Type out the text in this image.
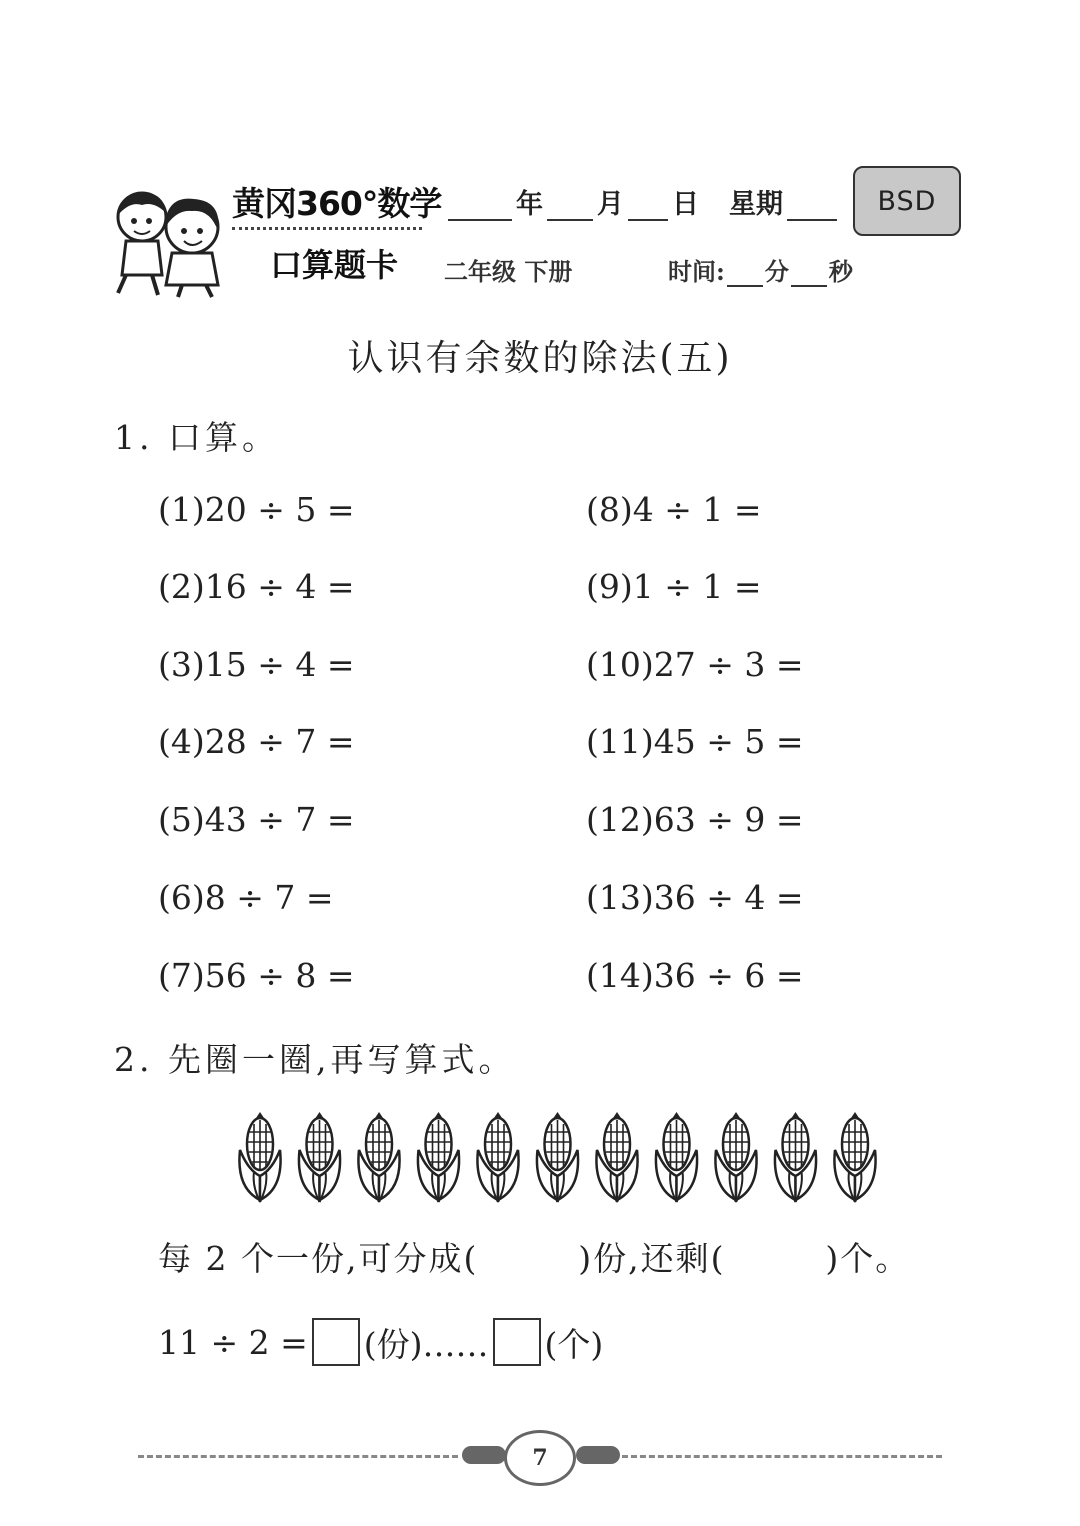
黄冈360°数学
口算题卡
年 月 日 星期	BSD
二年级 下册	时间: 分 秒
认识有余数的除法(五)
1. 口算。
(1)20 ÷ 5 =
(2)16 ÷ 4 =
(3)15 ÷ 4 =
(4)28 ÷ 7 =
(5)43 ÷ 7 =
(6)8 ÷ 7 =
(7)56 ÷ 8 =
(8)4 ÷ 1 =
(9)1 ÷ 1 =
(10)27 ÷ 3 =
(11)45 ÷ 5 =
(12)63 ÷ 9 =
(13)36 ÷ 4 =
(14)36 ÷ 6 =
2. 先圈一圈,再写算式。
每 2 个一份,可分成(        )份,还剩(        )个。
11 ÷ 2 = (份)…… (个)
7
